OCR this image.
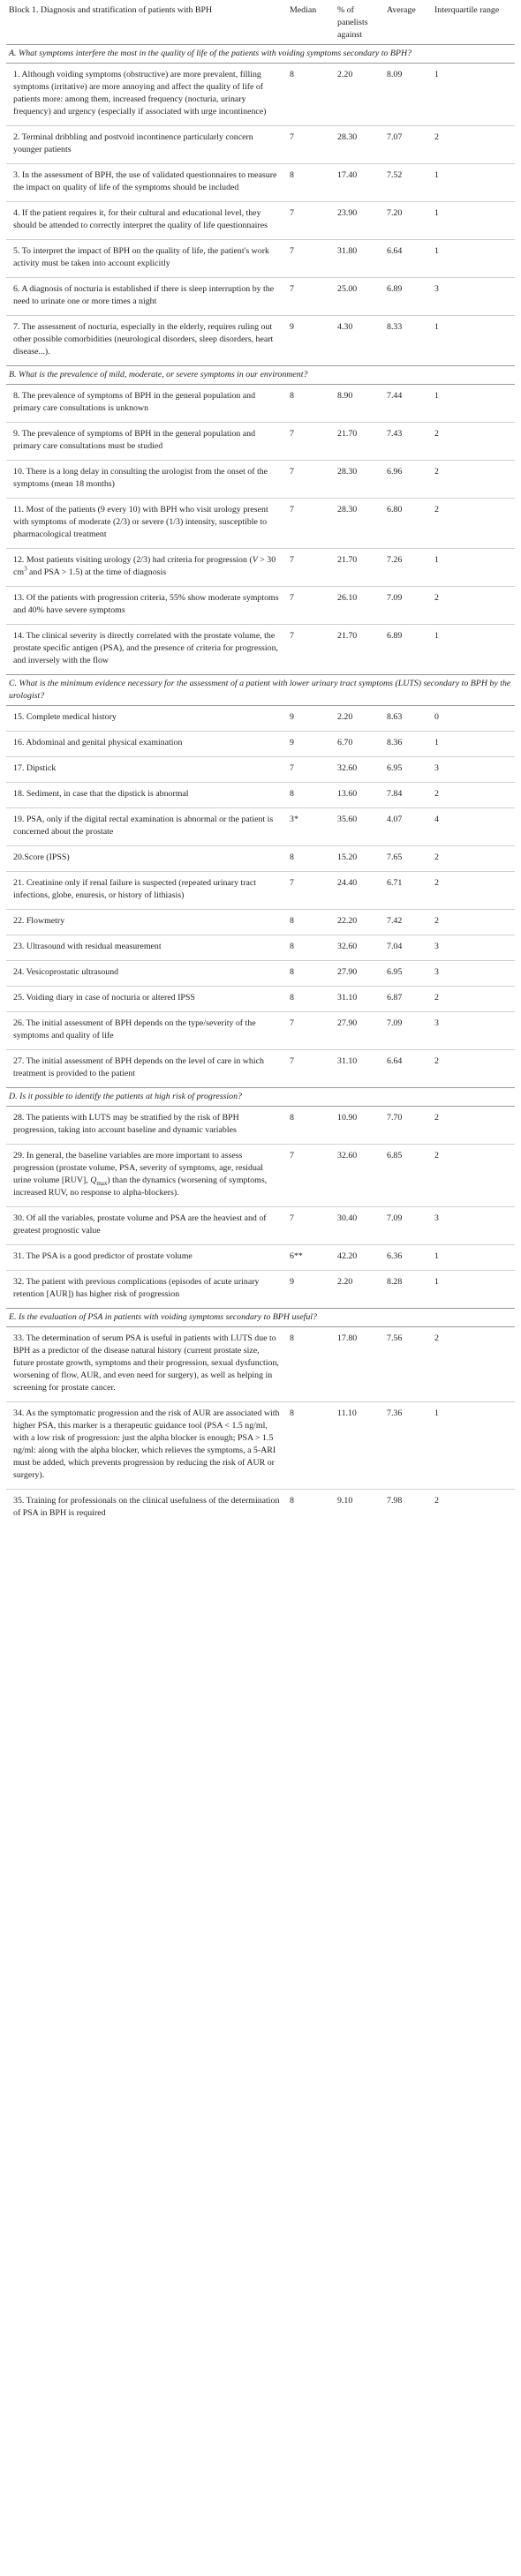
Block 1. Diagnosis and stratification of patients with BPH	Median	% of panelists against	Average	Interquartile range
A. What symptoms interfere the most in the quality of life of the patients with voiding symptoms secondary to BPH?				
1. Although voiding symptoms (obstructive) are more prevalent, filling symptoms (irritative) are more annoying and affect the quality of life of patients more: among them, increased frequency (nocturia, urinary frequency) and urgency (especially if associated with urge incontinence)	8	2.20	8.09	1
2. Terminal dribbling and postvoid incontinence particularly concern younger patients	7	28.30	7.07	2
3. In the assessment of BPH, the use of validated questionnaires to measure the impact on quality of life of the symptoms should be included	8	17.40	7.52	1
4. If the patient requires it, for their cultural and educational level, they should be attended to correctly interpret the quality of life questionnaires	7	23.90	7.20	1
5. To interpret the impact of BPH on the quality of life, the patient's work activity must be taken into account explicitly	7	31.80	6.64	1
6. A diagnosis of nocturia is established if there is sleep interruption by the need to urinate one or more times a night	7	25.00	6.89	3
7. The assessment of nocturia, especially in the elderly, requires ruling out other possible comorbidities (neurological disorders, sleep disorders, heart disease...).	9	4.30	8.33	1
B. What is the prevalence of mild, moderate, or severe symptoms in our environment?				
8. The prevalence of symptoms of BPH in the general population and primary care consultations is unknown	8	8.90	7.44	1
9. The prevalence of symptoms of BPH in the general population and primary care consultations must be studied	7	21.70	7.43	2
10. There is a long delay in consulting the urologist from the onset of the symptoms (mean 18 months)	7	28.30	6.96	2
11. Most of the patients (9 every 10) with BPH who visit urology present with symptoms of moderate (2/3) or severe (1/3) intensity, susceptible to pharmacological treatment	7	28.30	6.80	2
12. Most patients visiting urology (2/3) had criteria for progression (V > 30 $cm^3$ and PSA > 1.5) at the time of diagnosis	7	21.70	7.26	1
13. Of the patients with progression criteria, 55% show moderate symptoms and 40% have severe symptoms	7	26.10	7.09	2
14. The clinical severity is directly correlated with the prostate volume, the prostate specific antigen (PSA), and the presence of criteria for progression, and inversely with the flow	7	21.70	6.89	1
C. What is the minimum evidence necessary for the assessment of a patient with lower urinary tract symptoms (LUTS) secondary to BPH by the urologist?				
15. Complete medical history	9	2.20	8.63	0
16. Abdominal and genital physical examination	9	6.70	8.36	1
17. Dipstick	7	32.60	6.95	3
18. Sediment, in case that the dipstick is abnormal	8	13.60	7.84	2
19. PSA, only if the digital rectal examination is abnormal or the patient is concerned about the prostate	3*	35.60	4.07	4
20.Score (IPSS)	8	15.20	7.65	2
21. Creatinine only if renal failure is suspected (repeated urinary tract infections, globe, enuresis, or history of lithiasis)	7	24.40	6.71	2
22. Flowmetry	8	22.20	7.42	2
23. Ultrasound with residual measurement	8	32.60	7.04	3
24. Vesicoprostatic ultrasound	8	27.90	6.95	3
25. Voiding diary in case of nocturia or altered IPSS	8	31.10	6.87	2
26. The initial assessment of BPH depends on the type/severity of the symptoms and quality of life	7	27.90	7.09	3
27. The initial assessment of BPH depends on the level of care in which treatment is provided to the patient	7	31.10	6.64	2
D. Is it possible to identify the patients at high risk of progression?				
28. The patients with LUTS may be stratified by the risk of BPH progression, taking into account baseline and dynamic variables	8	10.90	7.70	2
29. In general, the baseline variables are more important to assess progression (prostate volume, PSA, severity of symptoms, age, residual urine volume [RUV], $Q_{max}$) than the dynamics (worsening of symptoms, increased RUV, no response to alpha-blockers).	7	32.60	6.85	2
30. Of all the variables, prostate volume and PSA are the heaviest and of greatest prognostic value	7	30.40	7.09	3
31. The PSA is a good predictor of prostate volume	6**	42.20	6.36	1
32. The patient with previous complications (episodes of acute urinary retention [AUR]) has higher risk of progression	9	2.20	8.28	1
E. Is the evaluation of PSA in patients with voiding symptoms secondary to BPH useful?				
33. The determination of serum PSA is useful in patients with LUTS due to BPH as a predictor of the disease natural history (current prostate size, future prostate growth, symptoms and their progression, sexual dysfunction, worsening of flow, AUR, and even need for surgery), as well as helping in screening for prostate cancer.	8	17.80	7.56	2
34. As the symptomatic progression and the risk of AUR are associated with higher PSA, this marker is a therapeutic guidance tool (PSA < 1.5 ng/ml, with a low risk of progression: just the alpha blocker is enough; PSA > 1.5 ng/ml: along with the alpha blocker, which relieves the symptoms, a 5-ARI must be added, which prevents progression by reducing the risk of AUR or surgery).	8	11.10	7.36	1
35. Training for professionals on the clinical usefulness of the determination of PSA in BPH is required	8	9.10	7.98	2
